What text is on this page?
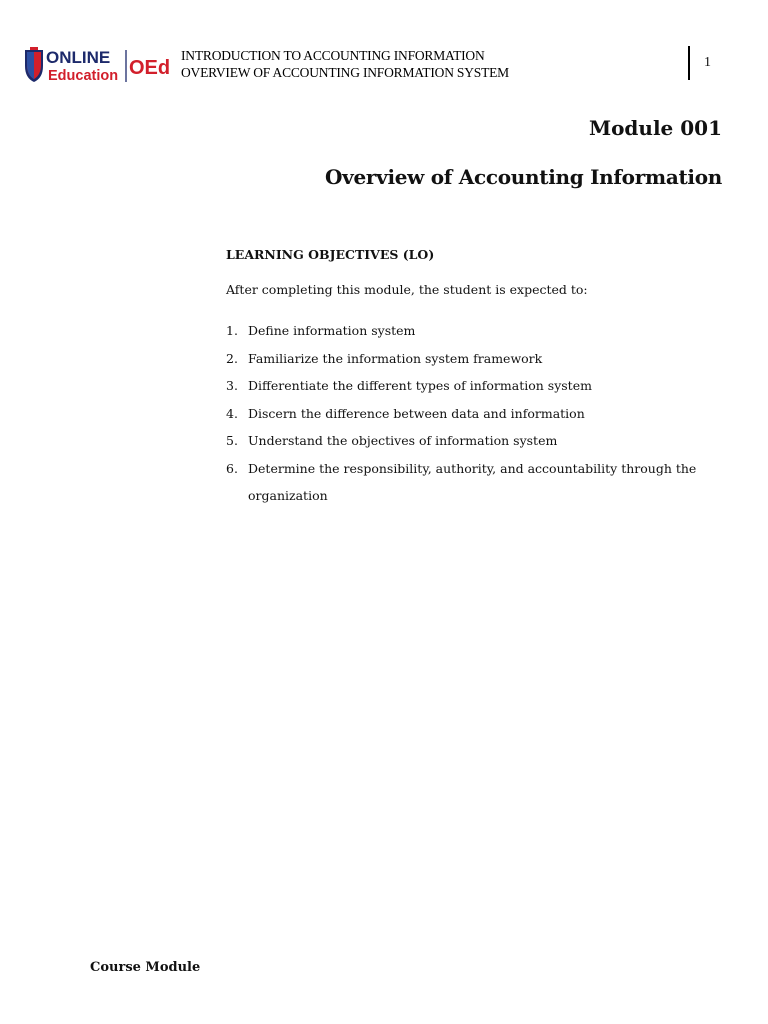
ONLINE
Education OEd
INTRODUCTION TO ACCOUNTING INFORMATION
OVERVIEW OF ACCOUNTING INFORMATION SYSTEM
1
Module 001
Overview of Accounting Information
LEARNING OBJECTIVES (LO)
After completing this module, the student is expected to:
1. Define information system
2. Familiarize the information system framework
3. Differentiate the different types of information system
4. Discern the difference between data and information
5. Understand the objectives of information system
6. Determine the responsibility, authority, and accountability through the organization
Course Module
